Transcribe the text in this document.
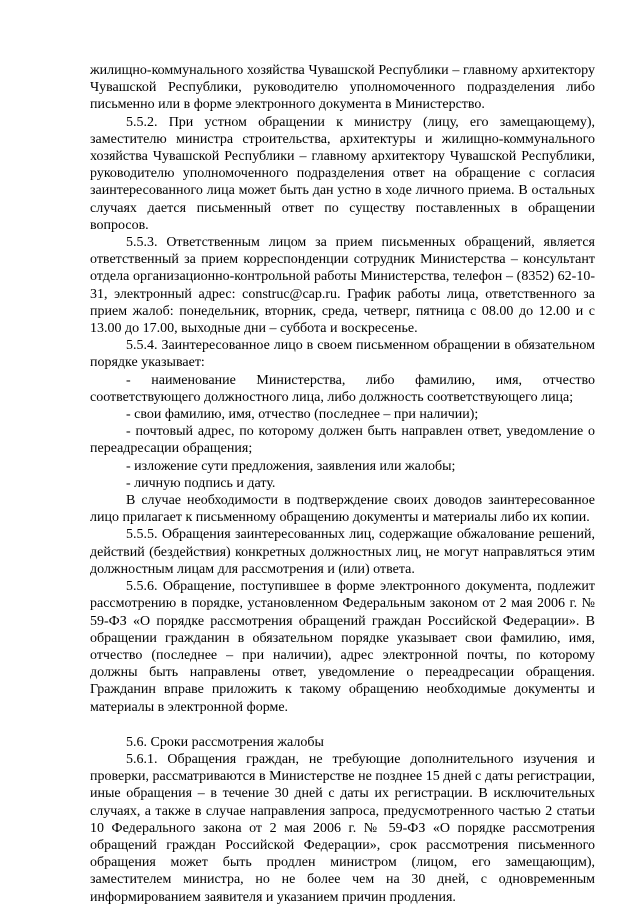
жилищно-коммунального хозяйства Чувашской Республики – главному архитектору Чувашской Республики, руководителю уполномоченного подразделения либо письменно или в форме электронного документа в Министерство.

5.5.2. При устном обращении к министру (лицу, его замещающему), заместителю министра строительства, архитектуры и жилищно-коммунального хозяйства Чувашской Республики – главному архитектору Чувашской Республики, руководителю уполномоченного подразделения ответ на обращение с согласия заинтересованного лица может быть дан устно в ходе личного приема. В остальных случаях дается письменный ответ по существу поставленных в обращении вопросов.

5.5.3. Ответственным лицом за прием письменных обращений, является ответственный за прием корреспонденции сотрудник Министерства – консультант отдела организационно-контрольной работы Министерства, телефон – (8352) 62-10-31, электронный адрес: construc@cap.ru. График работы лица, ответственного за прием жалоб: понедельник, вторник, среда, четверг, пятница с 08.00 до 12.00 и с 13.00 до 17.00, выходные дни – суббота и воскресенье.

5.5.4. Заинтересованное лицо в своем письменном обращении в обязательном порядке указывает:

- наименование Министерства, либо фамилию, имя, отчество

соответствующего должностного лица, либо должность соответствующего лица;

- свои фамилию, имя, отчество (последнее – при наличии);

- почтовый адрес, по которому должен быть направлен ответ, уведомление о переадресации обращения;

- изложение сути предложения, заявления или жалобы;

- личную подпись и дату.

В случае необходимости в подтверждение своих доводов заинтересованное лицо прилагает к письменному обращению документы и материалы либо их копии.

5.5.5. Обращения заинтересованных лиц, содержащие обжалование решений, действий (бездействия) конкретных должностных лиц, не могут направляться этим должностным лицам для рассмотрения и (или) ответа.

5.5.6. Обращение, поступившее в форме электронного документа, подлежит рассмотрению в порядке, установленном Федеральным законом от 2 мая 2006 г. № 59-ФЗ «О порядке рассмотрения обращений граждан Российской Федерации». В обращении гражданин в обязательном порядке указывает свои фамилию, имя, отчество (последнее – при наличии), адрес электронной почты, по которому должны быть направлены ответ, уведомление о переадресации обращения. Гражданин вправе приложить к такому обращению необходимые документы и материалы в электронной форме.

5.6. Сроки рассмотрения жалобы

5.6.1. Обращения граждан, не требующие дополнительного изучения и проверки, рассматриваются в Министерстве не позднее 15 дней с даты регистрации, иные обращения – в течение 30 дней с даты их регистрации. В исключительных случаях, а также в случае направления запроса, предусмотренного частью 2 статьи 10 Федерального закона от 2 мая 2006 г. № 59-ФЗ «О порядке рассмотрения обращений граждан Российской Федерации», срок рассмотрения письменного обращения может быть продлен министром (лицом, его замещающим), заместителем министра, но не более чем на 30 дней, с одновременным информированием заявителя и указанием причин продления.
